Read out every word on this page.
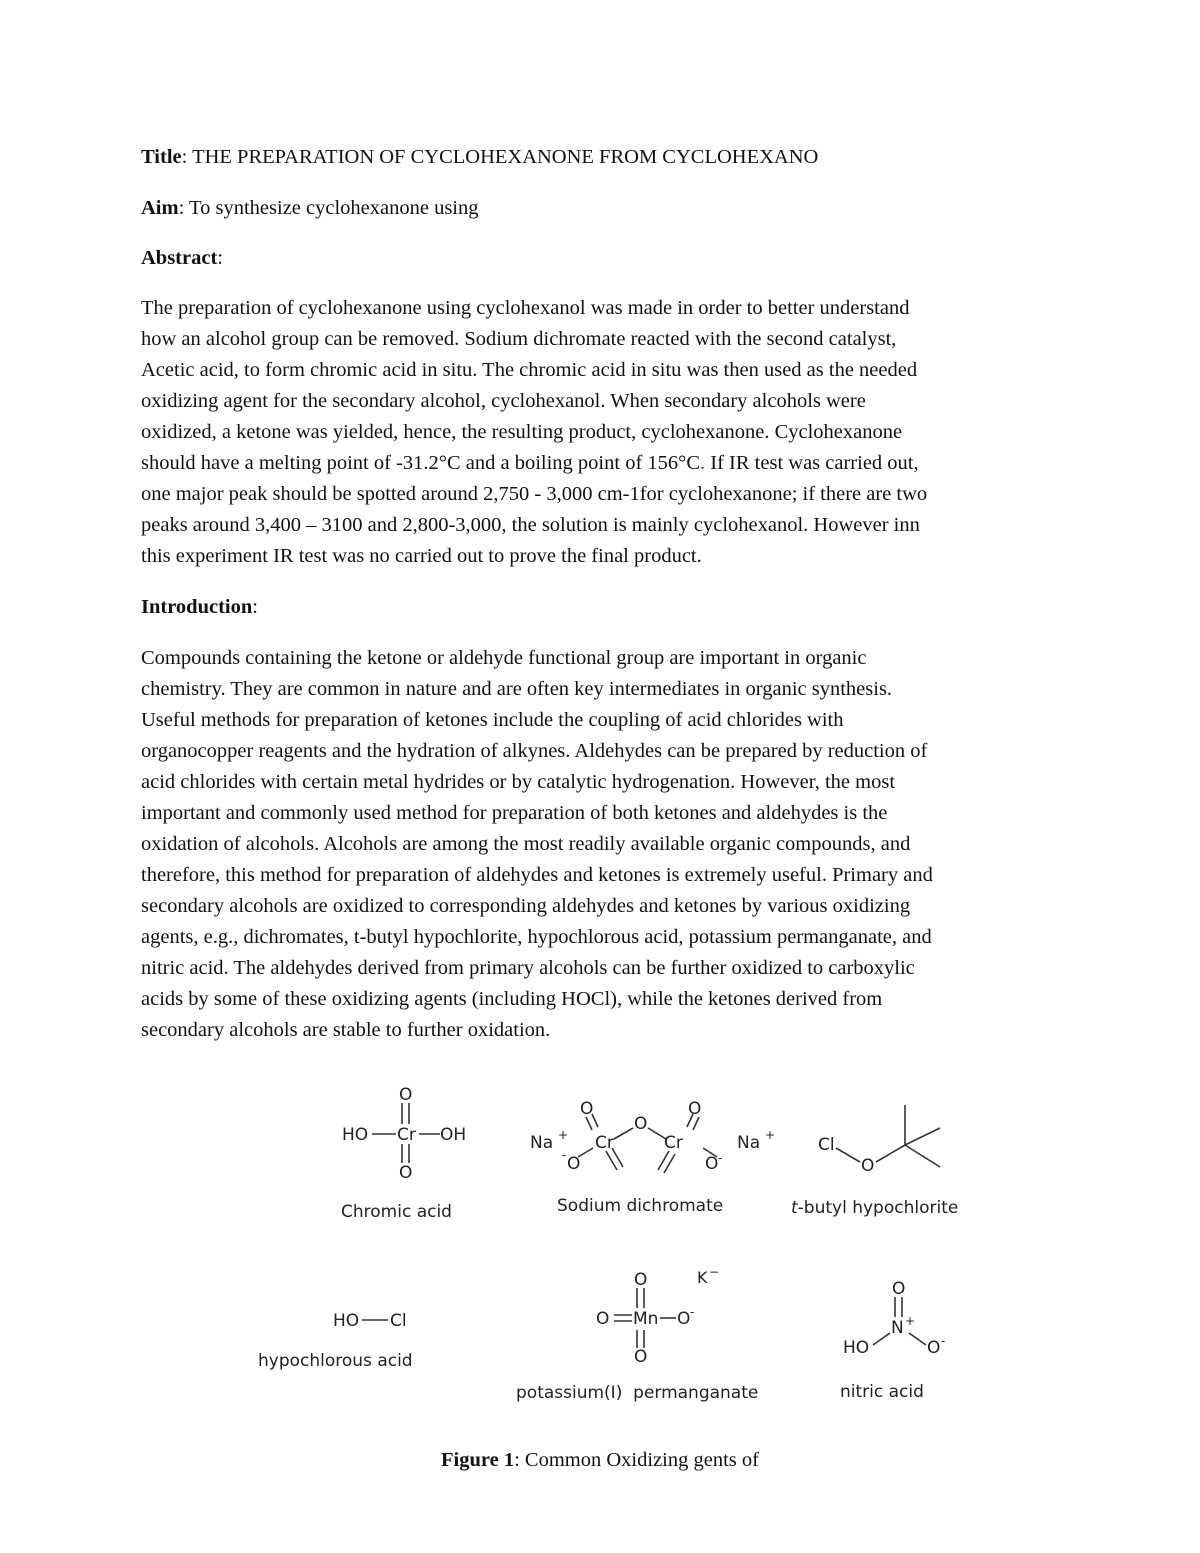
Title: THE PREPARATION OF CYCLOHEXANONE FROM CYCLOHEXANO

Aim: To synthesize cyclohexanone using

Abstract:

The preparation of cyclohexanone using cyclohexanol was made in order to better understand
how an alcohol group can be removed. Sodium dichromate reacted with the second catalyst,
Acetic acid, to form chromic acid in situ. The chromic acid in situ was then used as the needed
oxidizing agent for the secondary alcohol, cyclohexanol. When secondary alcohols were
oxidized, a ketone was yielded, hence, the resulting product, cyclohexanone. Cyclohexanone
should have a melting point of -31.2°C and a boiling point of 156°C. If IR test was carried out,
one major peak should be spotted around 2,750 - 3,000 cm-1for cyclohexanone; if there are two
peaks around 3,400 – 3100 and 2,800-3,000, the solution is mainly cyclohexanol. However inn
this experiment IR test was no carried out to prove the final product.

Introduction:

Compounds containing the ketone or aldehyde functional group are important in organic
chemistry. They are common in nature and are often key intermediates in organic synthesis.
Useful methods for preparation of ketones include the coupling of acid chlorides with
organocopper reagents and the hydration of alkynes. Aldehydes can be prepared by reduction of
acid chlorides with certain metal hydrides or by catalytic hydrogenation. However, the most
important and commonly used method for preparation of both ketones and aldehydes is the
oxidation of alcohols. Alcohols are among the most readily available organic compounds, and
therefore, this method for preparation of aldehydes and ketones is extremely useful. Primary and
secondary alcohols are oxidized to corresponding aldehydes and ketones by various oxidizing
agents, e.g., dichromates, t-butyl hypochlorite, hypochlorous acid, potassium permanganate, and
nitric acid. The aldehydes derived from primary alcohols can be further oxidized to carboxylic
acids by some of these oxidizing agents (including HOCl), while the ketones derived from
secondary alcohols are stable to further oxidation.
O
HO Cr OH
O
Chromic acid
Na +
O
Cr
O
Cr
O
- O	O -
Na +
Sodium dichromate
Cl
O
t-butyl hypochlorite
HO Cl
hypochlorous acid
O	K −
O Mn O -
O
potassium(I)  permanganate
O
N +
HO	O -
nitric acid

Figure 1: Common Oxidizing gents of
